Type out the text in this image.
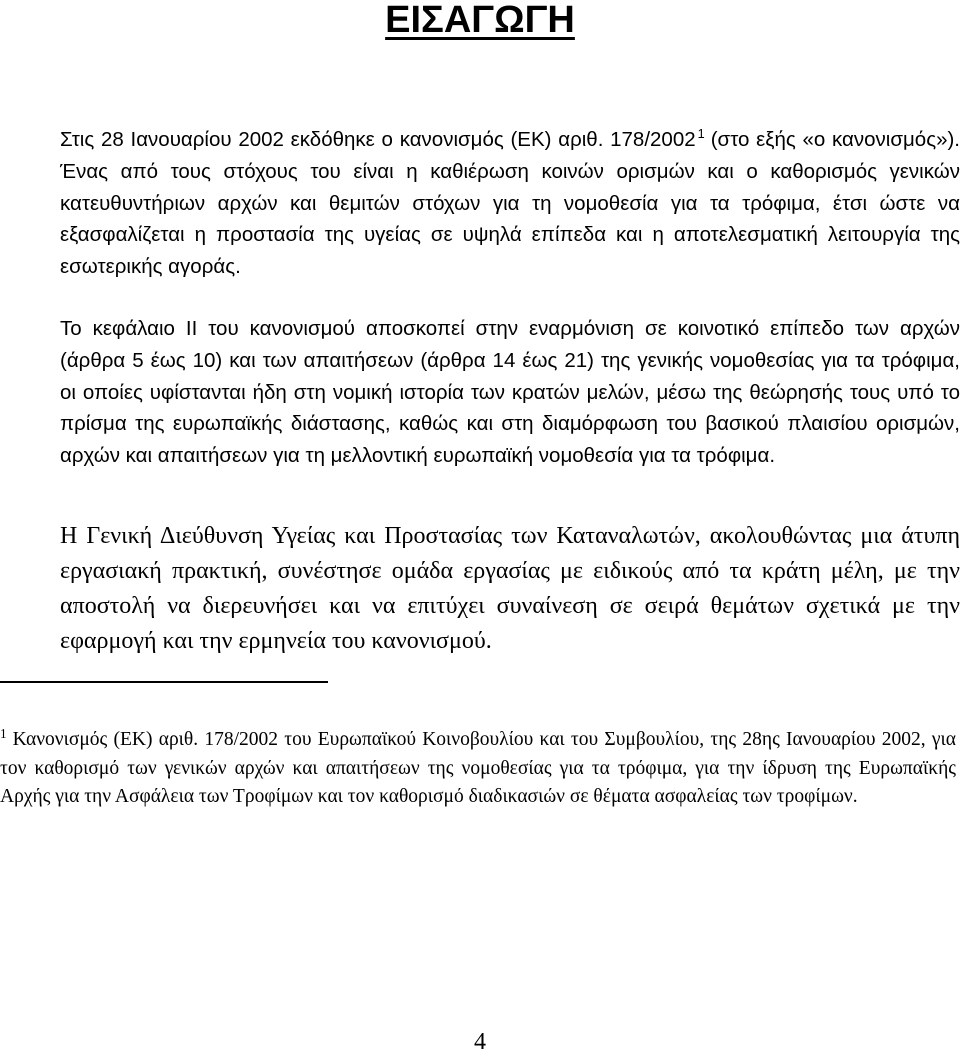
ΕΙΣΑΓΩΓΗ

Στις 28 Ιανουαρίου 2002 εκδόθηκε ο κανονισμός (ΕΚ) αριθ. 178/2002 $^1$ (στο εξής «ο κανονισμός»). Ένας από τους στόχους του είναι η καθιέρωση κοινών ορισμών και ο καθορισμός γενικών κατευθυντήριων αρχών και θεμιτών στόχων για τη νομοθεσία για τα τρόφιμα, έτσι ώστε να εξασφαλίζεται η προστασία της υγείας σε υψηλά επίπεδα και η αποτελεσματική λειτουργία της εσωτερικής αγοράς.

Το κεφάλαιο ΙΙ του κανονισμού αποσκοπεί στην εναρμόνιση σε κοινοτικό επίπεδο των αρχών (άρθρα 5 έως 10) και των απαιτήσεων (άρθρα 14 έως 21) της γενικής νομοθεσίας για τα τρόφιμα, οι οποίες υφίστανται ήδη στη νομική ιστορία των κρατών μελών, μέσω της θεώρησής τους υπό το πρίσμα της ευρωπαϊκής διάστασης, καθώς και στη διαμόρφωση του βασικού πλαισίου ορισμών, αρχών και απαιτήσεων για τη μελλοντική ευρωπαϊκή νομοθεσία για τα τρόφιμα.

Η Γενική Διεύθυνση Υγείας και Προστασίας των Καταναλωτών, ακολουθώντας μια άτυπη εργασιακή πρακτική, συνέστησε ομάδα εργασίας με ειδικούς από τα κράτη μέλη, με την αποστολή να διερευνήσει και να επιτύχει συναίνεση σε σειρά θεμάτων σχετικά με την εφαρμογή και την ερμηνεία του κανονισμού.

$^1$ Κανονισμός (ΕΚ) αριθ. 178/2002 του Ευρωπαϊκού Κοινοβουλίου και του Συμβουλίου, της 28ης Ιανουαρίου 2002, για τον καθορισμό των γενικών αρχών και απαιτήσεων της νομοθεσίας για τα τρόφιμα, για την ίδρυση της Ευρωπαϊκής Αρχής για την Ασφάλεια των Τροφίμων και τον καθορισμό διαδικασιών σε θέματα ασφαλείας των τροφίμων.

4
